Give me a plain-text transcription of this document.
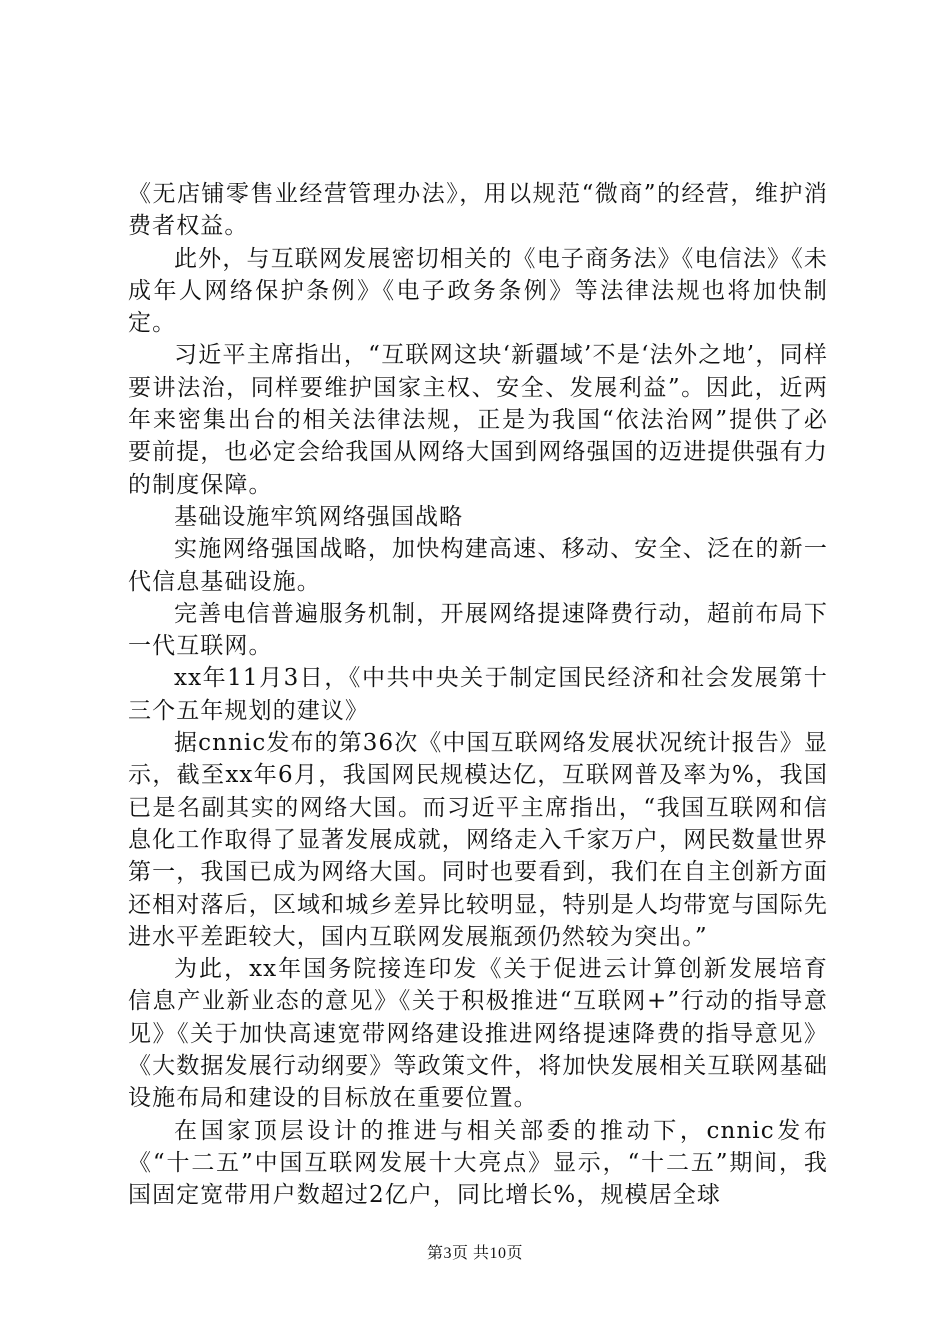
《无店铺零售业经营管理办法》，用以规范“微商”的经营，维护消费者权益。

此外，与互联网发展密切相关的《电子商务法》《电信法》《未成年人网络保护条例》《电子政务条例》等法律法规也将加快制定。

习近平主席指出，“互联网这块‘新疆域’不是‘法外之地’，同样要讲法治，同样要维护国家主权、安全、发展利益”。因此，近两年来密集出台的相关法律法规，正是为我国“依法治网”提供了必要前提，也必定会给我国从网络大国到网络强国的迈进提供强有力的制度保障。

基础设施牢筑网络强国战略

实施网络强国战略，加快构建高速、移动、安全、泛在的新一代信息基础设施。

完善电信普遍服务机制，开展网络提速降费行动，超前布局下一代互联网。

xx年11月3日，《中共中央关于制定国民经济和社会发展第十三个五年规划的建议》

据cnnic发布的第36次《中国互联网络发展状况统计报告》显示，截至xx年6月，我国网民规模达亿，互联网普及率为%，我国已是名副其实的网络大国。而习近平主席指出，“我国互联网和信息化工作取得了显著发展成就，网络走入千家万户，网民数量世界第一，我国已成为网络大国。同时也要看到，我们在自主创新方面还相对落后，区域和城乡差异比较明显，特别是人均带宽与国际先进水平差距较大，国内互联网发展瓶颈仍然较为突出。”

为此，xx年国务院接连印发《关于促进云计算创新发展培育信息产业新业态的意见》《关于积极推进“互联网+”行动的指导意见》《关于加快高速宽带网络建设推进网络提速降费的指导意见》《大数据发展行动纲要》等政策文件，将加快发展相关互联网基础设施布局和建设的目标放在重要位置。

在国家顶层设计的推进与相关部委的推动下，cnnic发布《“十二五”中国互联网发展十大亮点》显示，“十二五”期间，我国固定宽带用户数超过2亿户，同比增长%，规模居全球

第3页 共10页
